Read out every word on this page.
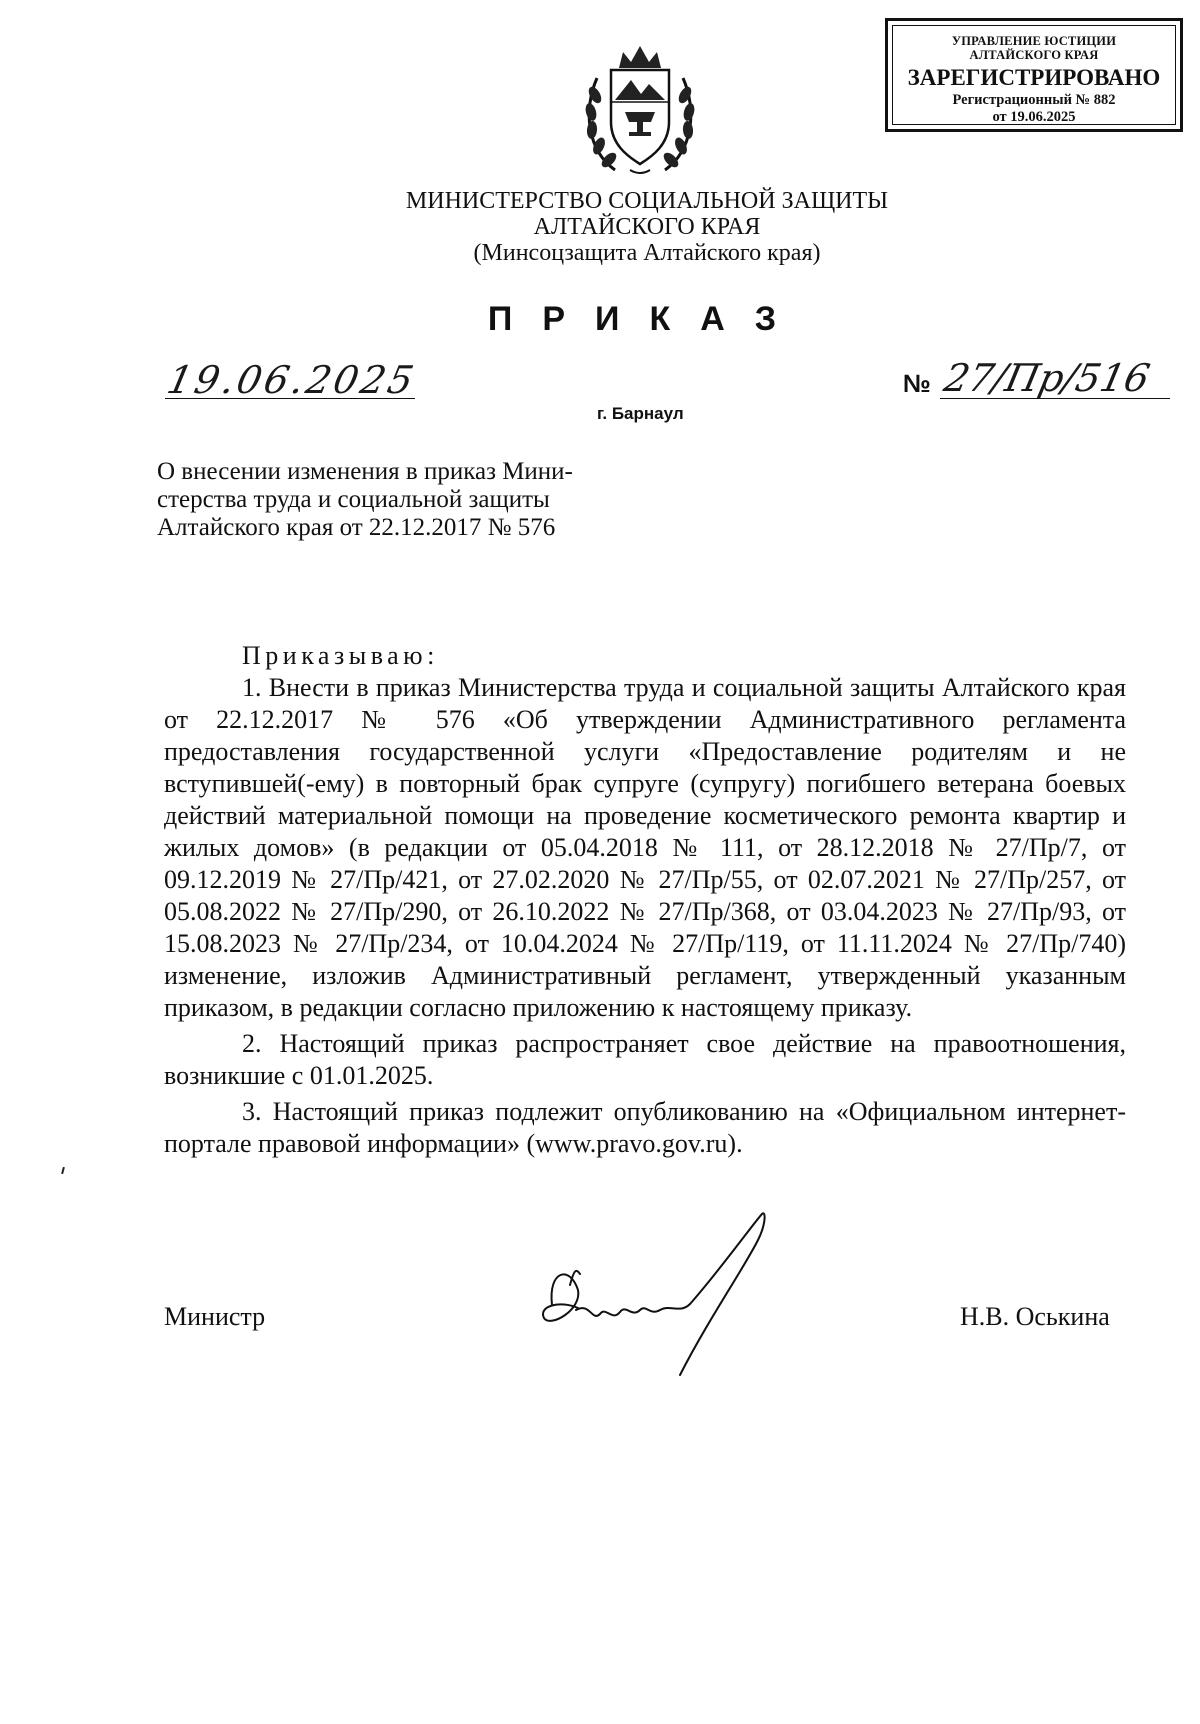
УПРАВЛЕНИЕ ЮСТИЦИИ
АЛТАЙСКОГО КРАЯ
ЗАРЕГИСТРИРОВАНО
Регистрационный № 882
от 19.06.2025
МИНИСТЕРСТВО СОЦИАЛЬНОЙ ЗАЩИТЫ
АЛТАЙСКОГО КРАЯ
(Минсоцзащита Алтайского края)
ПРИКАЗ
19.06.2025	№ 27/Пр/516
г. Барнаул
О внесении изменения в приказ Мини-
стерства труда и социальной защиты
Алтайского края от 22.12.2017 № 576
Приказываю:

1. Внести в приказ Министерства труда и социальной защиты Алтайского края от 22.12.2017 № 576 «Об утверждении Административного регламента предоставления государственной услуги «Предоставление родителям и не вступившей(-ему) в повторный брак супруге (супругу) погибшего ветерана боевых действий материальной помощи на проведение косметического ремонта квартир и жилых домов» (в редакции от 05.04.2018 № 111, от 28.12.2018 № 27/Пр/7, от 09.12.2019 № 27/Пр/421, от 27.02.2020 № 27/Пр/55, от 02.07.2021 № 27/Пр/257, от 05.08.2022 № 27/Пр/290, от 26.10.2022 № 27/Пр/368, от 03.04.2023 № 27/Пр/93, от 15.08.2023 № 27/Пр/234, от 10.04.2024 № 27/Пр/119, от 11.11.2024 № 27/Пр/740) изменение, изложив Административный регламент, утвержденный указанным приказом, в редакции согласно приложению к настоящему приказу.

2. Настоящий приказ распространяет свое действие на правоотношения, возникшие с 01.01.2025.

3. Настоящий приказ подлежит опубликованию на «Официальном интернет-портале правовой информации» (www.pravo.gov.ru).

Министр	Н.В. Оськина
